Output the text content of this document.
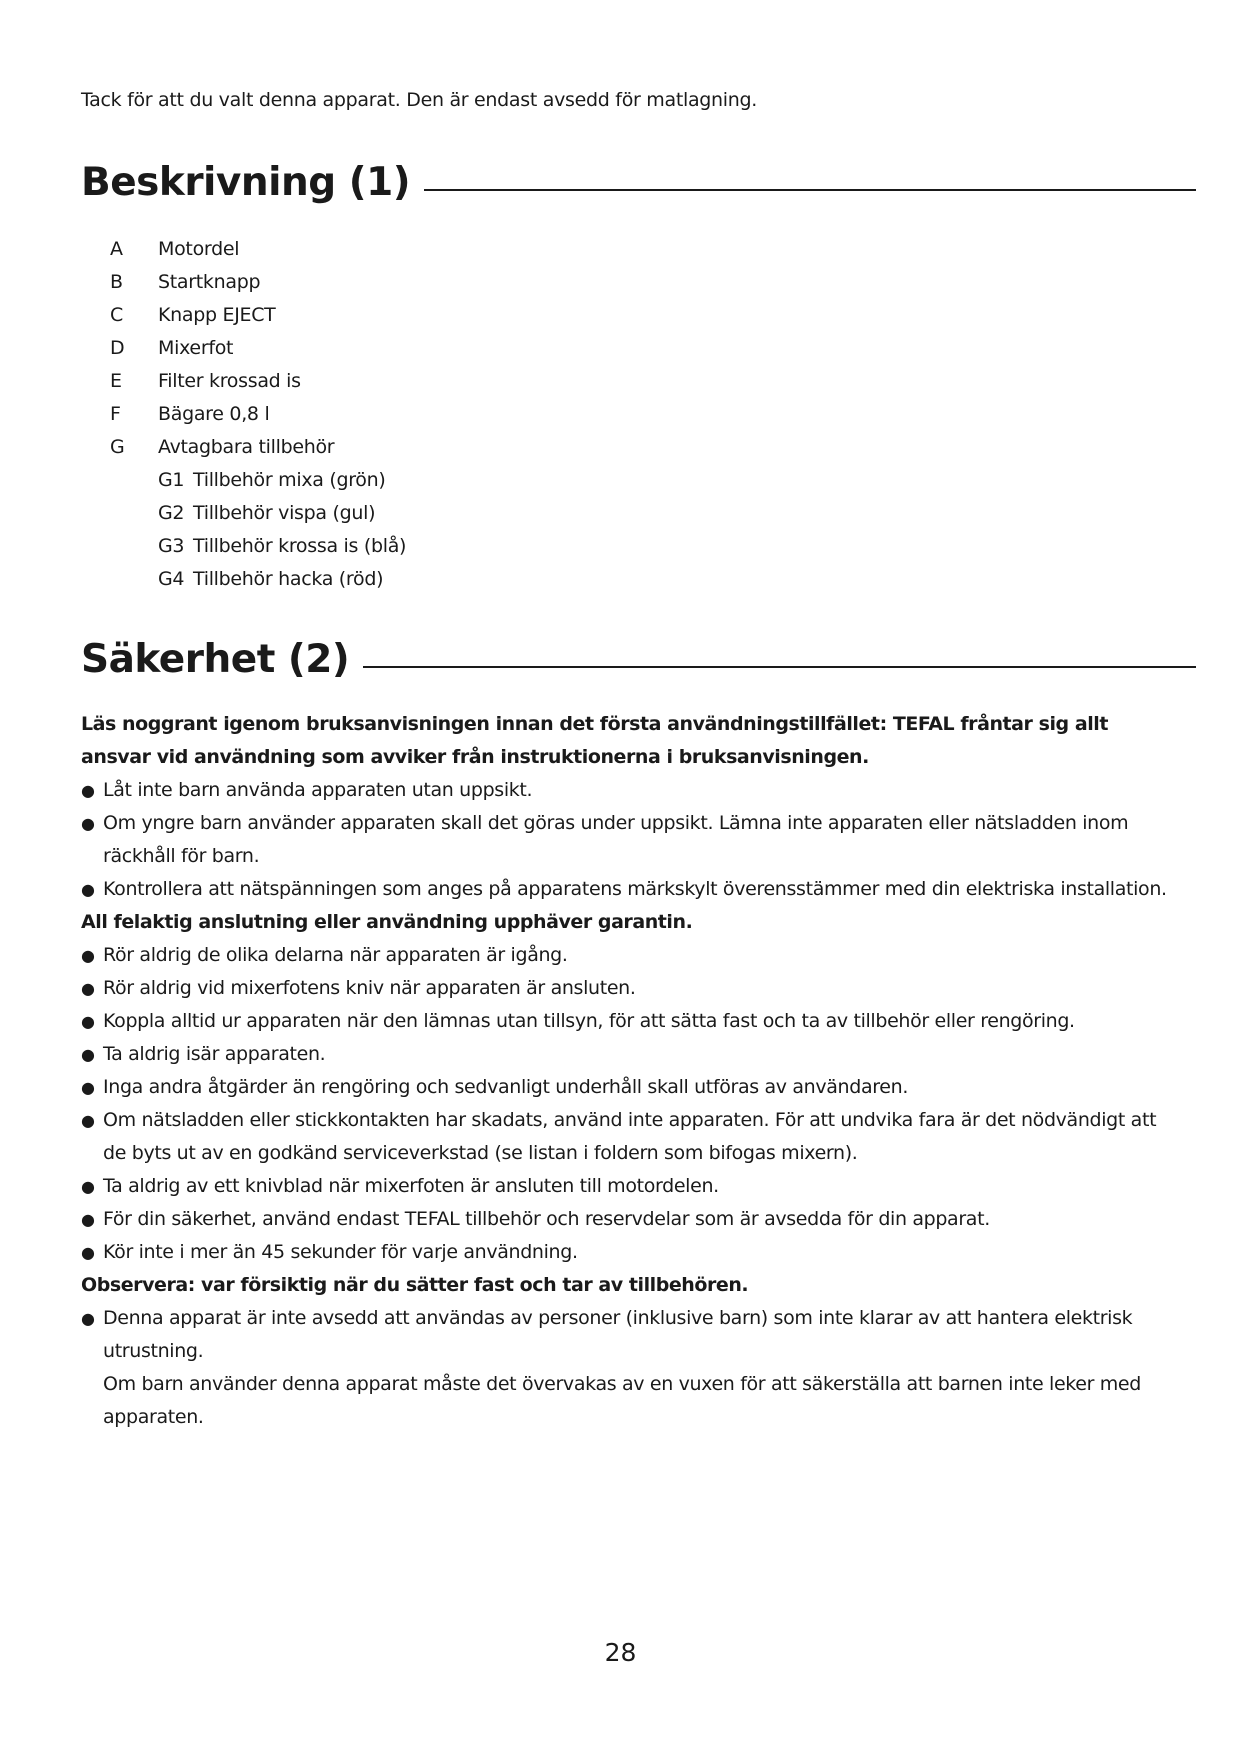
Tack för att du valt denna apparat. Den är endast avsedd för matlagning.
Beskrivning (1)
A	Motordel
B	Startknapp
C	Knapp EJECT
D	Mixerfot
E	Filter krossad is
F	Bägare 0,8 l
G	Avtagbara tillbehör
G1 Tillbehör mixa (grön)
G2 Tillbehör vispa (gul)
G3 Tillbehör krossa is (blå)
G4 Tillbehör hacka (röd)
Säkerhet (2)

Läs noggrant igenom bruksanvisningen innan det första användningstillfället: TEFAL fråntar sig allt ansvar vid användning som avviker från instruktionerna i bruksanvisningen.

● Låt inte barn använda apparaten utan uppsikt.
● Om yngre barn använder apparaten skall det göras under uppsikt. Lämna inte apparaten eller nätsladden inom räckhåll för barn.
● Kontrollera att nätspänningen som anges på apparatens märkskylt överensstämmer med din elektriska installation.

All felaktig anslutning eller användning upphäver garantin.

● Rör aldrig de olika delarna när apparaten är igång.
● Rör aldrig vid mixerfotens kniv när apparaten är ansluten.
● Koppla alltid ur apparaten när den lämnas utan tillsyn, för att sätta fast och ta av tillbehör eller rengöring.
● Ta aldrig isär apparaten.
● Inga andra åtgärder än rengöring och sedvanligt underhåll skall utföras av användaren.
● Om nätsladden eller stickkontakten har skadats, använd inte apparaten. För att undvika fara är det nödvändigt att de byts ut av en godkänd serviceverkstad (se listan i foldern som bifogas mixern).
● Ta aldrig av ett knivblad när mixerfoten är ansluten till motordelen.
● För din säkerhet, använd endast TEFAL tillbehör och reservdelar som är avsedda för din apparat.
● Kör inte i mer än 45 sekunder för varje användning.

Observera: var försiktig när du sätter fast och tar av tillbehören.

● Denna apparat är inte avsedd att användas av personer (inklusive barn) som inte klarar av att hantera elektrisk utrustning.
Om barn använder denna apparat måste det övervakas av en vuxen för att säkerställa att barnen inte leker med apparaten.
28
